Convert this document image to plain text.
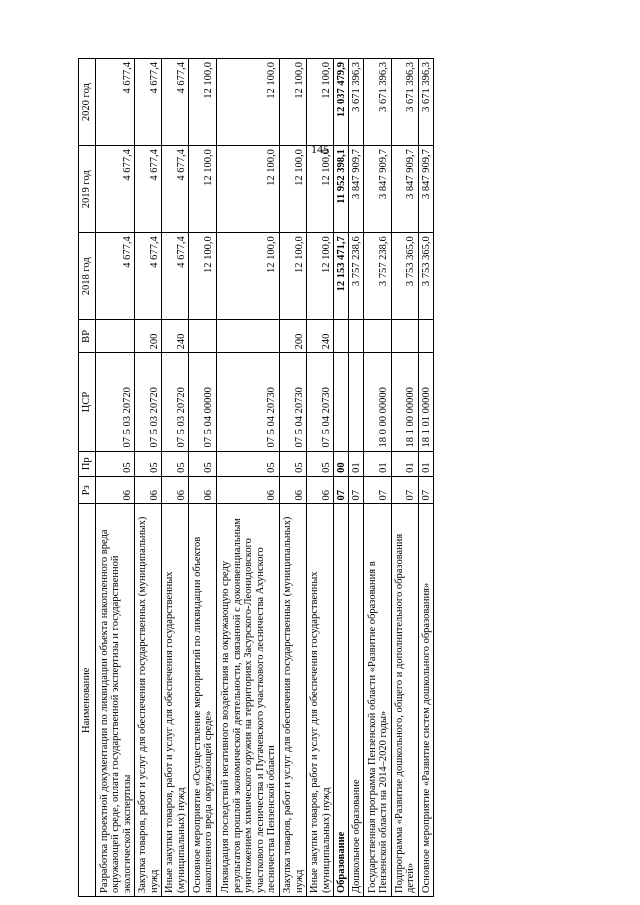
145
Наименование	Рз	Пр	ЦСР	ВР	2018 год	2019 год	2020 год
Разработка проектной документации по ликвидации объекта накопленного вреда окружающей среде, оплата государственной экспертизы и государственной экологической экспертизы	06	05	07 5 03 20720		4 677,4	4 677,4	4 677,4
Закупка товаров, работ и услуг для обеспечения государственных (муниципальных) нужд	06	05	07 5 03 20720	200	4 677,4	4 677,4	4 677,4
Иные закупки товаров, работ и услуг для обеспечения государственных (муниципальных) нужд	06	05	07 5 03 20720	240	4 677,4	4 677,4	4 677,4
Основное мероприятие «Осуществление мероприятий по ликвидации объектов накопленного вреда окружающей среде»	06	05	07 5 04 00000		12 100,0	12 100,0	12 100,0
Ликвидация последствий негативного воздействия на окружающую среду результатов прошлой экономической деятельности, связанной с доконвенциальным уничтожением химического оружия на территориях Засурского-Леонидовского участкового лесничества и Пугачевского участкового лесничества Ахунского лесничества Пензенской области	06	05	07 5 04 20730		12 100,0	12 100,0	12 100,0
Закупка товаров, работ и услуг для обеспечения государственных (муниципальных) нужд	06	05	07 5 04 20730	200	12 100,0	12 100,0	12 100,0
Иные закупки товаров, работ и услуг для обеспечения государственных (муниципальных) нужд	06	05	07 5 04 20730	240	12 100,0	12 100,0	12 100,0
Образование	07	00			12 153 471,7	11 952 398,1	12 037 479,9
Дошкольное образование	07	01			3 757 238,6	3 847 909,7	3 671 396,3
Государственная программа Пензенской области «Развитие образования в Пензенской области на 2014–2020 годы»	07	01	18 0 00 00000		3 757 238,6	3 847 909,7	3 671 396,3
Подпрограмма «Развитие дошкольного, общего и дополнительного образования детей»	07	01	18 1 00 00000		3 753 365,0	3 847 909,7	3 671 396,3
Основное мероприятие «Развитие систем дошкольного образования»	07	01	18 1 01 00000		3 753 365,0	3 847 909,7	3 671 396,3
